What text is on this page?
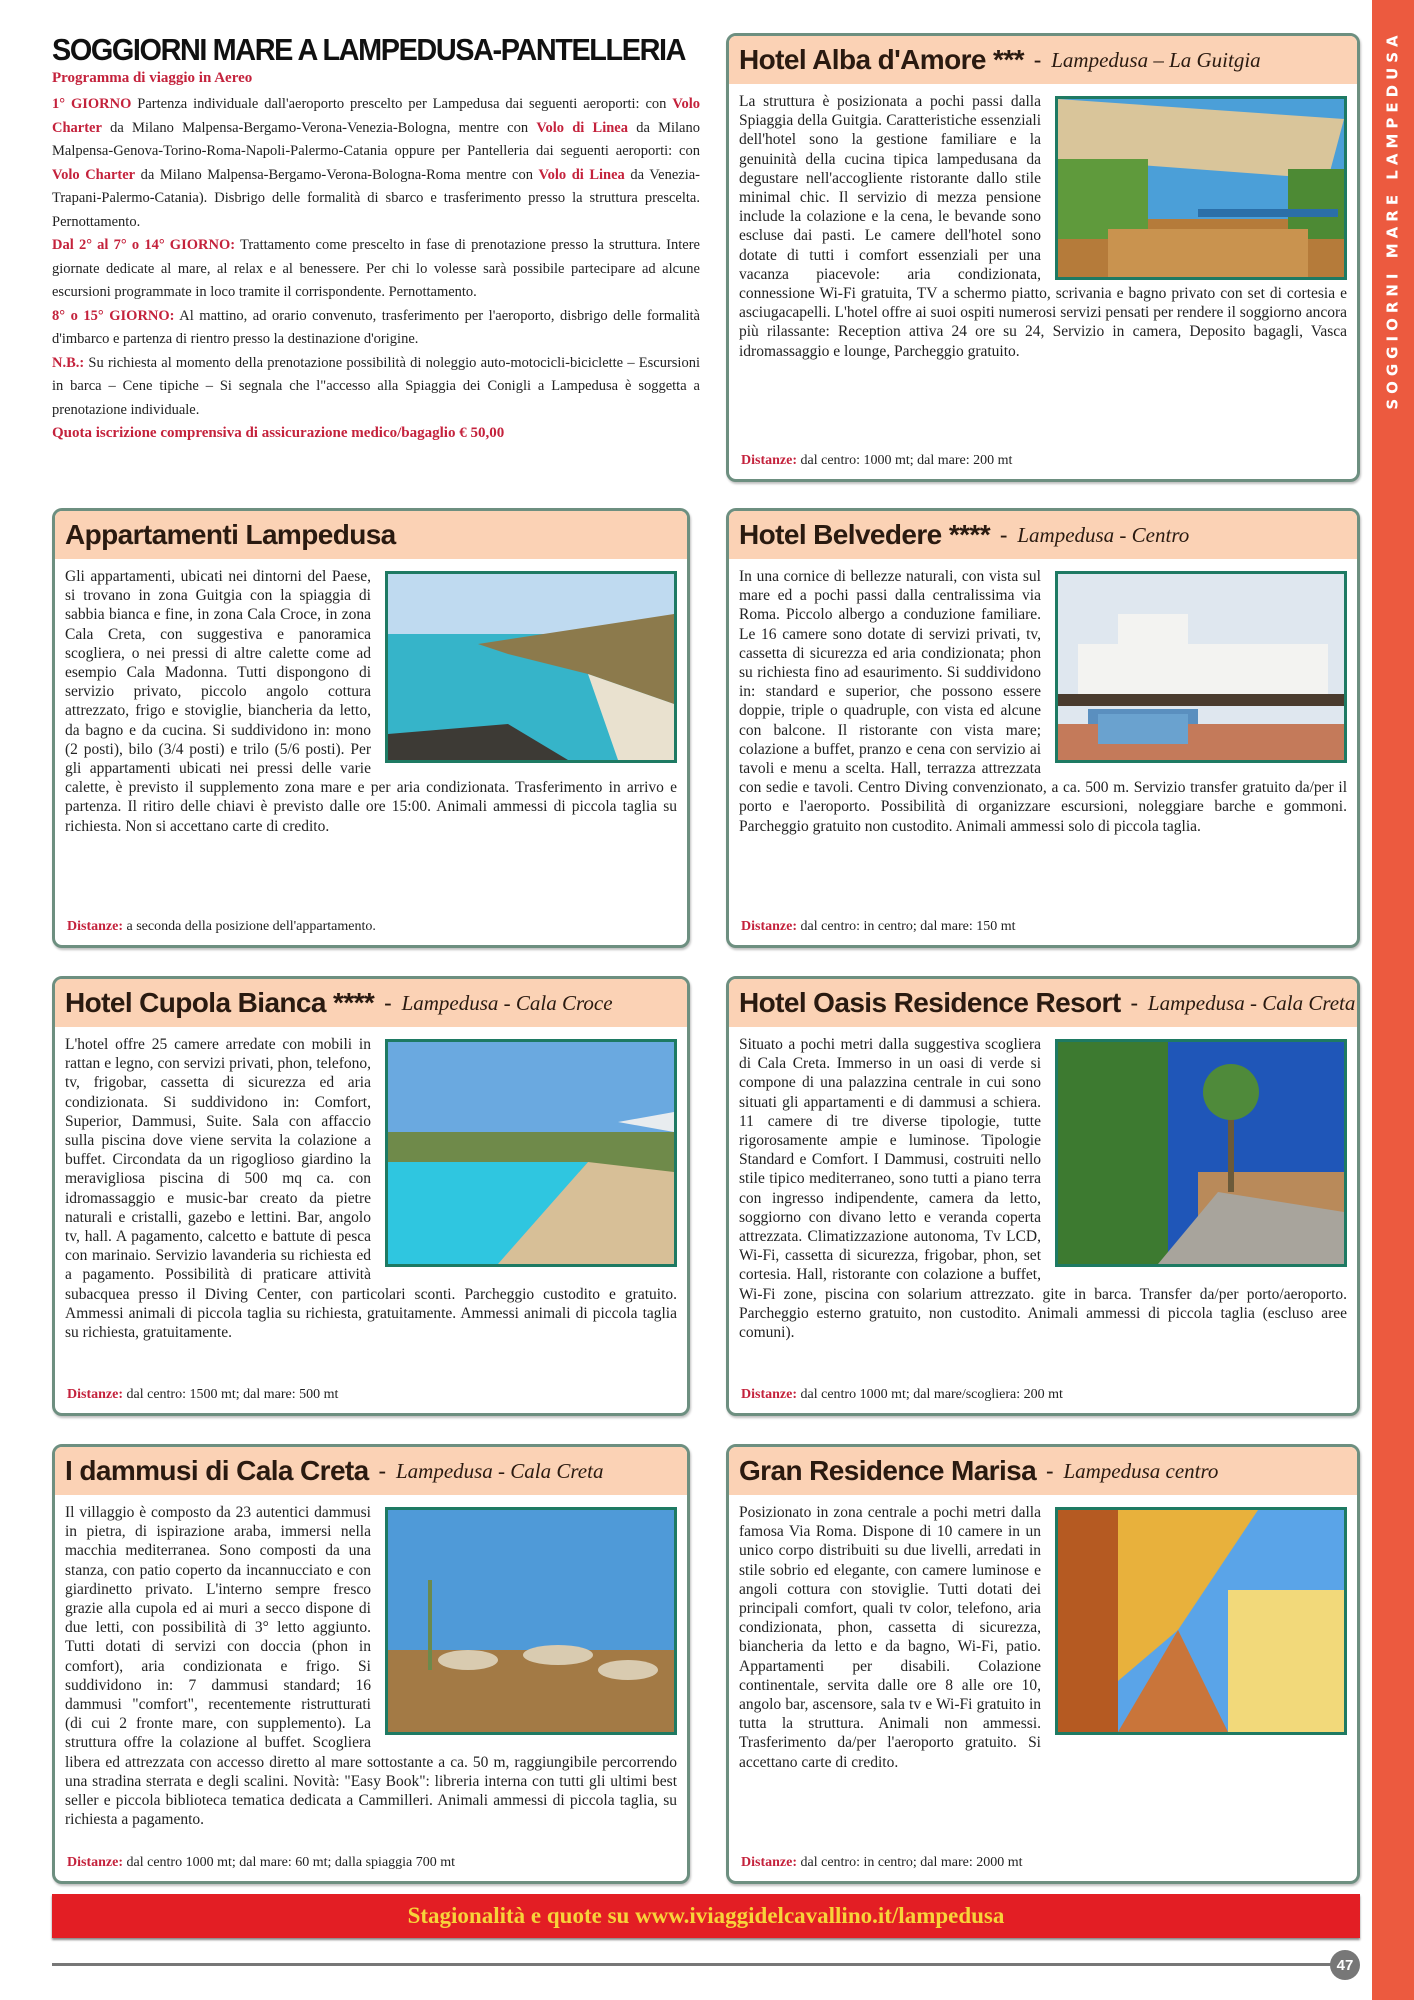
SOGGIORNI MARE LAMPEDUSA
SOGGIORNI MARE A LAMPEDUSA-PANTELLERIA
Programma di viaggio in Aereo

1° GIORNO Partenza individuale dall'aeroporto prescelto per Lampedusa dai seguenti aeroporti: con Volo Charter da Milano Malpensa-Bergamo-Verona-Venezia-Bologna, mentre con Volo di Linea da Milano Malpensa-Genova-Torino-Roma-Napoli-Palermo-Catania oppure per Pantelleria dai seguenti aeroporti: con Volo Charter da Milano Malpensa-Bergamo-Verona-Bologna-Roma mentre con Volo di Linea da Venezia-Trapani-Palermo-Catania). Disbrigo delle formalità di sbarco e trasferimento presso la struttura prescelta. Pernottamento.

Dal 2° al 7° o 14° GIORNO: Trattamento come prescelto in fase di prenotazione presso la struttura. Intere giornate dedicate al mare, al relax e al benessere. Per chi lo volesse sarà possibile partecipare ad alcune escursioni programmate in loco tramite il corrispondente. Pernottamento.

8° o 15° GIORNO: Al mattino, ad orario convenuto, trasferimento per l'aeroporto, disbrigo delle formalità d'imbarco e partenza di rientro presso la destinazione d'origine.

N.B.: Su richiesta al momento della prenotazione possibilità di noleggio auto-motocicli-biciclette – Escursioni in barca – Cene tipiche – Si segnala che l"accesso alla Spiaggia dei Conigli a Lampedusa è soggetta a prenotazione individuale.

Quota iscrizione comprensiva di assicurazione medico/bagaglio € 50,00
Hotel Alba d'Amore *** - Lampedusa – La Guitgia

La struttura è posizionata a pochi passi dalla Spiaggia della Guitgia. Caratteristiche essenziali dell'hotel sono la gestione familiare e la genuinità della cucina tipica lampedusana da degustare nell'accogliente ristorante dallo stile minimal chic. Il servizio di mezza pensione include la colazione e la cena, le bevande sono escluse dai pasti. Le camere dell'hotel sono dotate di tutti i comfort essenziali per una vacanza piacevole: aria condizionata, connessione Wi-Fi gratuita, TV a schermo piatto, scrivania e bagno privato con set di cortesia e asciugacapelli. L'hotel offre ai suoi ospiti numerosi servizi pensati per rendere il soggiorno ancora più rilassante: Reception attiva 24 ore su 24, Servizio in camera, Deposito bagagli, Vasca idromassaggio e lounge, Parcheggio gratuito.

Distanze: dal centro: 1000 mt; dal mare: 200 mt
Appartamenti Lampedusa

Gli appartamenti, ubicati nei dintorni del Paese, si trovano in zona Guitgia con la spiaggia di sabbia bianca e fine, in zona Cala Croce, in zona Cala Creta, con suggestiva e panoramica scogliera, o nei pressi di altre calette come ad esempio Cala Madonna. Tutti dispongono di servizio privato, piccolo angolo cottura attrezzato, frigo e stoviglie, biancheria da letto, da bagno e da cucina. Si suddividono in: mono (2 posti), bilo (3/4 posti) e trilo (5/6 posti). Per gli appartamenti ubicati nei pressi delle varie calette, è previsto il supplemento zona mare e per aria condizionata. Trasferimento in arrivo e partenza. Il ritiro delle chiavi è previsto dalle ore 15:00. Animali ammessi di piccola taglia su richiesta. Non si accettano carte di credito.

Distanze: a seconda della posizione dell'appartamento.
Hotel Belvedere **** - Lampedusa - Centro

In una cornice di bellezze naturali, con vista sul mare ed a pochi passi dalla centralissima via Roma. Piccolo albergo a conduzione familiare. Le 16 camere sono dotate di servizi privati, tv, cassetta di sicurezza ed aria condizionata; phon su richiesta fino ad esaurimento. Si suddividono in: standard e superior, che possono essere doppie, triple o quadruple, con vista ed alcune con balcone. Il ristorante con vista mare; colazione a buffet, pranzo e cena con servizio ai tavoli e menu a scelta. Hall, terrazza attrezzata con sedie e tavoli. Centro Diving convenzionato, a ca. 500 m. Servizio transfer gratuito da/per il porto e l'aeroporto. Possibilità di organizzare escursioni, noleggiare barche e gommoni. Parcheggio gratuito non custodito. Animali ammessi solo di piccola taglia.

Distanze: dal centro: in centro; dal mare: 150 mt
Hotel Cupola Bianca **** - Lampedusa - Cala Croce

L'hotel offre 25 camere arredate con mobili in rattan e legno, con servizi privati, phon, telefono, tv, frigobar, cassetta di sicurezza ed aria condizionata. Si suddividono in: Comfort, Superior, Dammusi, Suite. Sala con affaccio sulla piscina dove viene servita la colazione a buffet. Circondata da un rigoglioso giardino la meravigliosa piscina di 500 mq ca. con idromassaggio e music-bar creato da pietre naturali e cristalli, gazebo e lettini. Bar, angolo tv, hall. A pagamento, calcetto e battute di pesca con marinaio. Servizio lavanderia su richiesta ed a pagamento. Possibilità di praticare attività subacquea presso il Diving Center, con particolari sconti. Parcheggio custodito e gratuito. Ammessi animali di piccola taglia su richiesta, gratuitamente. Ammessi animali di piccola taglia su richiesta, gratuitamente.

Distanze: dal centro: 1500 mt; dal mare: 500 mt
Hotel Oasis Residence Resort - Lampedusa - Cala Creta

Situato a pochi metri dalla suggestiva scogliera di Cala Creta. Immerso in un oasi di verde si compone di una palazzina centrale in cui sono situati gli appartamenti e di dammusi a schiera. 11 camere di tre diverse tipologie, tutte rigorosamente ampie e luminose. Tipologie Standard e Comfort. I Dammusi, costruiti nello stile tipico mediterraneo, sono tutti a piano terra con ingresso indipendente, camera da letto, soggiorno con divano letto e veranda coperta attrezzata. Climatizzazione autonoma, Tv LCD, Wi-Fi, cassetta di sicurezza, frigobar, phon, set cortesia. Hall, ristorante con colazione a buffet, Wi-Fi zone, piscina con solarium attrezzato. gite in barca. Transfer da/per porto/aeroporto. Parcheggio esterno gratuito, non custodito. Animali ammessi di piccola taglia (escluso aree comuni).

Distanze: dal centro 1000 mt; dal mare/scogliera: 200 mt
I dammusi di Cala Creta - Lampedusa - Cala Creta

Il villaggio è composto da 23 autentici dammusi in pietra, di ispirazione araba, immersi nella macchia mediterranea. Sono composti da una stanza, con patio coperto da incannucciato e con giardinetto privato. L'interno sempre fresco grazie alla cupola ed ai muri a secco dispone di due letti, con possibilità di 3° letto aggiunto. Tutti dotati di servizi con doccia (phon in comfort), aria condizionata e frigo. Si suddividono in: 7 dammusi standard; 16 dammusi "comfort", recentemente ristrutturati (di cui 2 fronte mare, con supplemento). La struttura offre la colazione al buffet. Scogliera libera ed attrezzata con accesso diretto al mare sottostante a ca. 50 m, raggiungibile percorrendo una stradina sterrata e degli scalini. Novità: "Easy Book": libreria interna con tutti gli ultimi best seller e piccola biblioteca tematica dedicata a Cammilleri. Animali ammessi di piccola taglia, su richiesta a pagamento.

Distanze: dal centro 1000 mt; dal mare: 60 mt; dalla spiaggia 700 mt
Gran Residence Marisa - Lampedusa centro

Posizionato in zona centrale a pochi metri dalla famosa Via Roma. Dispone di 10 camere in un unico corpo distribuiti su due livelli, arredati in stile sobrio ed elegante, con camere luminose e angoli cottura con stoviglie. Tutti dotati dei principali comfort, quali tv color, telefono, aria condizionata, phon, cassetta di sicurezza, biancheria da letto e da bagno, Wi-Fi, patio. Appartamenti per disabili. Colazione continentale, servita dalle ore 8 alle ore 10, angolo bar, ascensore, sala tv e Wi-Fi gratuito in tutta la struttura. Animali non ammessi. Trasferimento da/per l'aeroporto gratuito. Si accettano carte di credito.

Distanze: dal centro: in centro; dal mare: 2000 mt
Stagionalità e quote su www.iviaggidelcavallino.it/lampedusa
47
